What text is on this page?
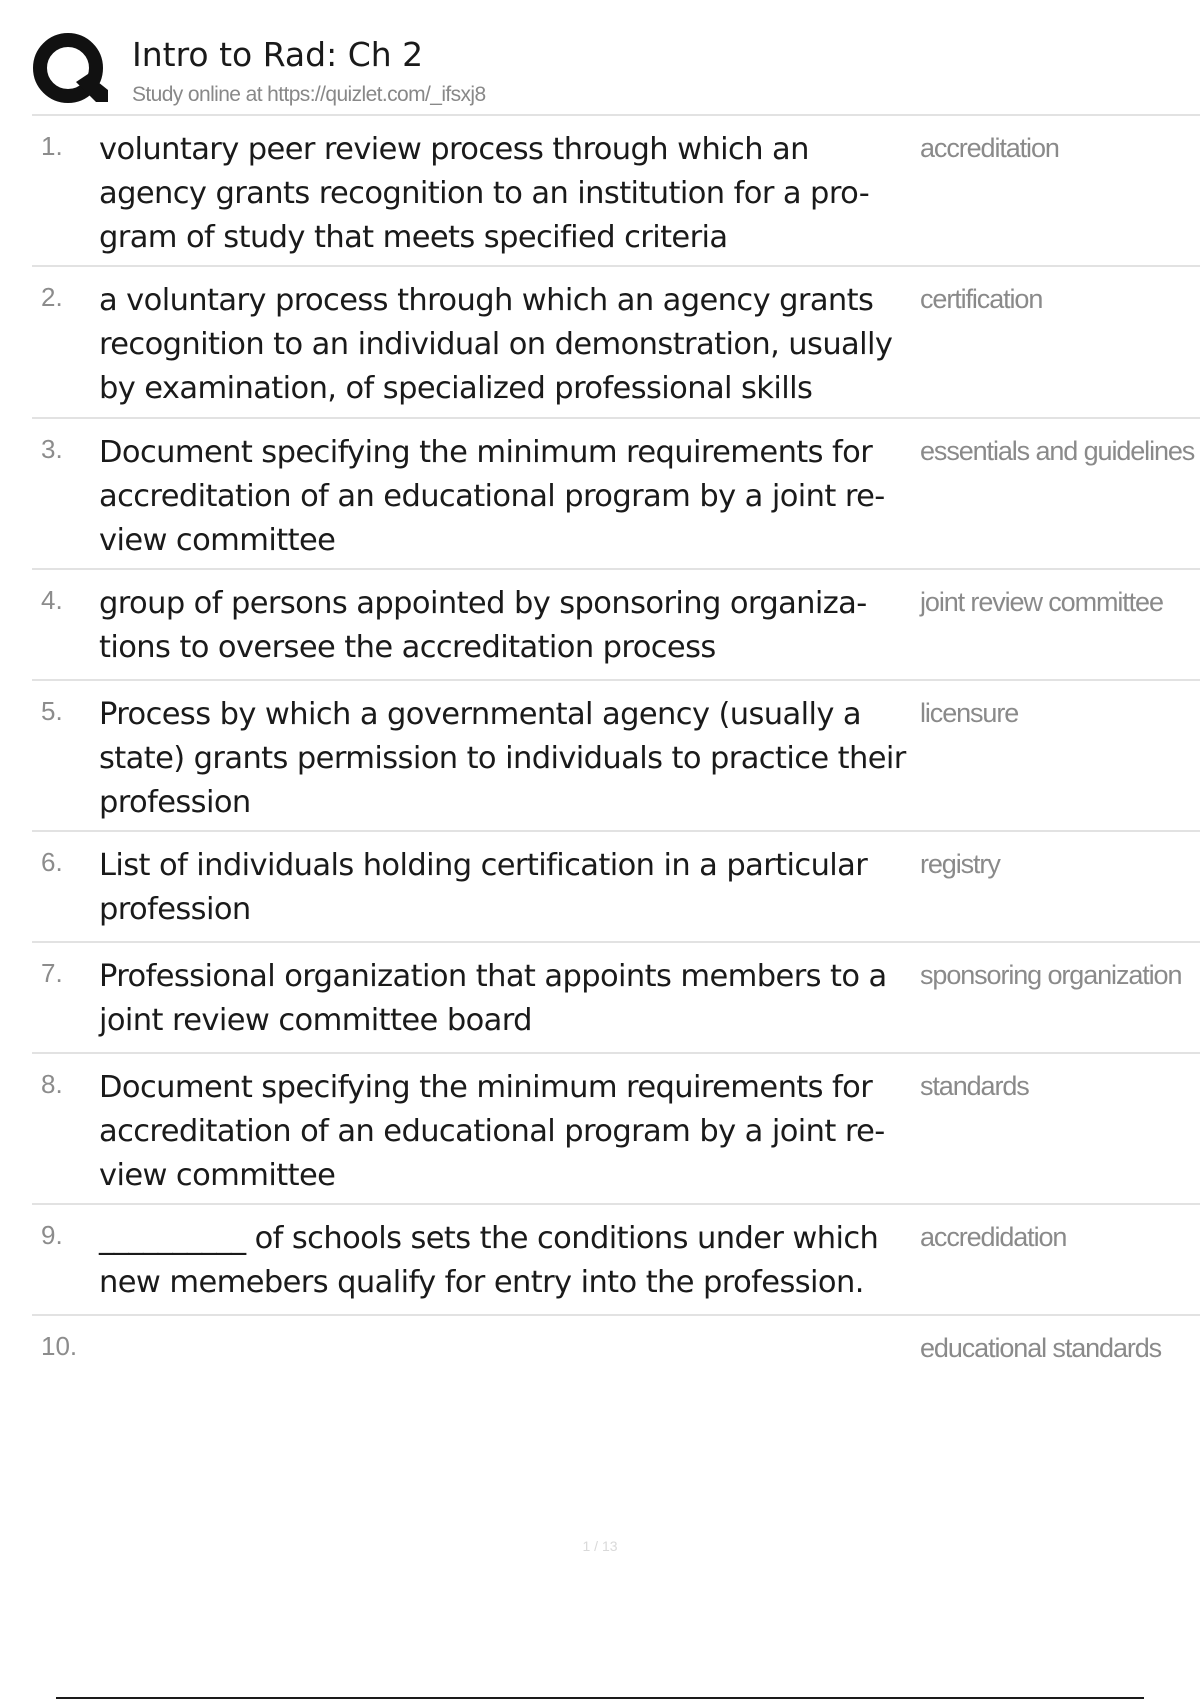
Intro to Rad: Ch 2
Study online at https://quizlet.com/_ifsxj8
1. voluntary peer review process through which an
agency grants recognition to an institution for a pro-
gram of study that meets specified criteria
accreditation
2. a voluntary process through which an agency grants
recognition to an individual on demonstration, usually
by examination, of specialized professional skills
certification
3. Document specifying the minimum requirements for
accreditation of an educational program by a joint re-
view committee
essentials and guidelines
4. group of persons appointed by sponsoring organiza-
tions to oversee the accreditation process
joint review committee
5. Process by which a governmental agency (usually a
state) grants permission to individuals to practice their
profession
licensure
6. List of individuals holding certification in a particular
profession
registry
7. Professional organization that appoints members to a
joint review committee board
sponsoring organization
8. Document specifying the minimum requirements for
accreditation of an educational program by a joint re-
view committee
standards
9. __________ of schools sets the conditions under which
new memebers qualify for entry into the profession.
accredidation
10.	educational standards
1 / 13
